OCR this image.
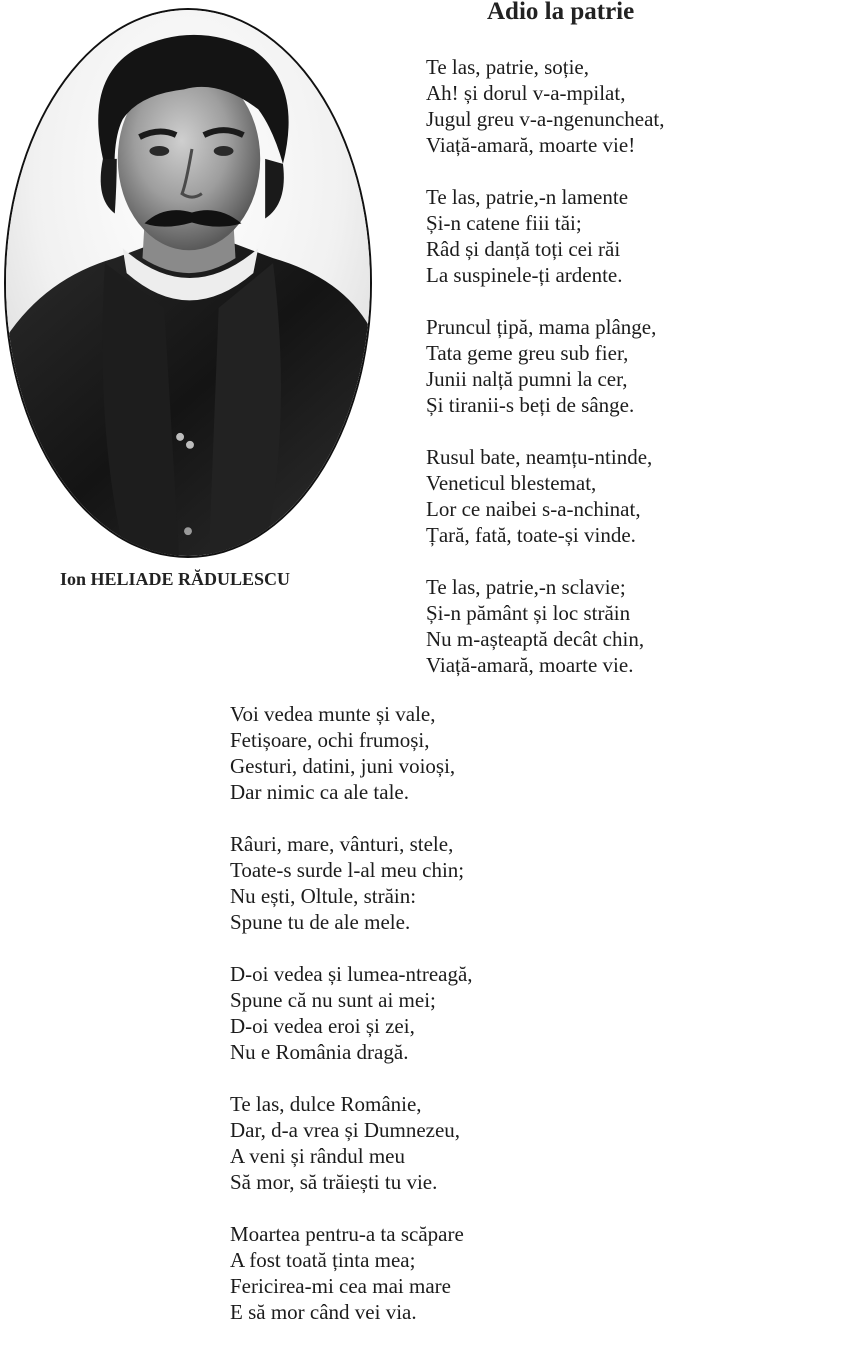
Ion HELIADE RĂDULESCU
Adio la patrie
Te las, patrie, soție,
Ah! și dorul v-a-mpilat,
Jugul greu v-a-ngenuncheat,
Viață-amară, moarte vie!
Te las, patrie,-n lamente
Și-n catene fiii tăi;
Râd și danță toți cei răi
La suspinele-ți ardente.
Pruncul țipă, mama plânge,
Tata geme greu sub fier,
Junii nalță pumni la cer,
Și tiranii-s beți de sânge.
Rusul bate, neamțu-ntinde,
Veneticul blestemat,
Lor ce naibei s-a-nchinat,
Țară, fată, toate-și vinde.
Te las, patrie,-n sclavie;
Și-n pământ și loc străin
Nu m-așteaptă decât chin,
Viață-amară, moarte vie.
Voi vedea munte și vale,
Fetișoare, ochi frumoși,
Gesturi, datini, juni voioși,
Dar nimic ca ale tale.
Râuri, mare, vânturi, stele,
Toate-s surde l-al meu chin;
Nu ești, Oltule, străin:
Spune tu de ale mele.
D-oi vedea și lumea-ntreagă,
Spune că nu sunt ai mei;
D-oi vedea eroi și zei,
Nu e România dragă.
Te las, dulce Românie,
Dar, d-a vrea și Dumnezeu,
A veni și rândul meu
Să mor, să trăiești tu vie.
Moartea pentru-a ta scăpare
A fost toată ținta mea;
Fericirea-mi cea mai mare
E să mor când vei via.
